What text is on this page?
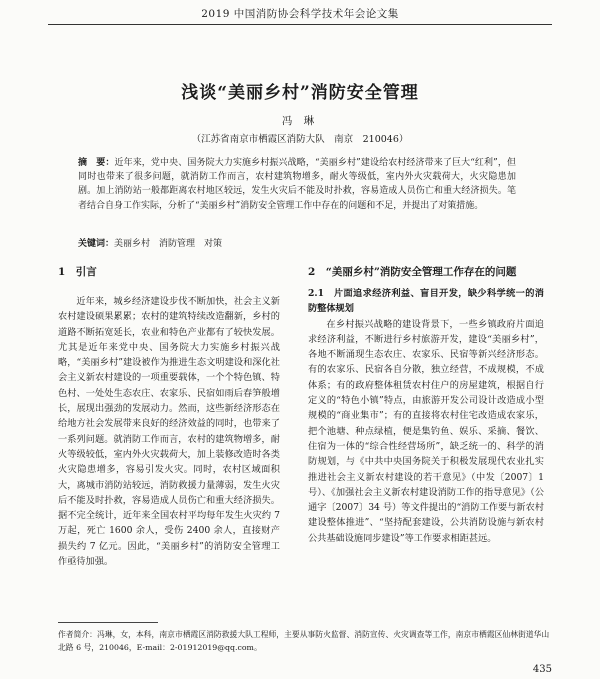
2019 中国消防协会科学技术年会论文集
浅谈“美丽乡村”消防安全管理
冯 琳
（江苏省南京市栖霞区消防大队　南京　210046）
摘　要：近年来，党中央、国务院大力实施乡村振兴战略，“美丽乡村”建设给农村经济带来了巨大“红利”，但同时也带来了很多问题，就消防工作而言，农村建筑物增多，耐火等级低，室内外火灾载荷大，火灾隐患加剧。加上消防站一般都距离农村地区较远，发生火灾后不能及时扑救，容易造成人员伤亡和重大经济损失。笔者结合自身工作实际，分析了“美丽乡村”消防安全管理工作中存在的问题和不足，并提出了对策措施。
关键词：美丽乡村　消防管理　对策

1　引言

近年来，城乡经济建设步伐不断加快，社会主义新农村建设硕果累累；农村的建筑特续改造翻新，乡村的道路不断拓宽延长，农业和特色产业都有了较快发展。尤其是近年来党中央、国务院大力实施乡村振兴战略，“美丽乡村”建设被作为推进生态文明建设和深化社会主义新农村建设的一项重要载体，一个个特色镇、特色村、一处处生态农庄、农家乐、民宿如雨后春笋般增长，展现出强劲的发展动力。然而，这些新经济形态在给地方社会发展带来良好的经济效益的同时，也带来了一系列问题。就消防工作而言，农村的建筑物增多，耐火等级较低，室内外火灾载荷大，加上装修改造时各类火灾隐患增多，容易引发火灾。同时，农村区域面积大，离城市消防站较远，消防救援力量薄弱，发生火灾后不能及时扑救，容易造成人员伤亡和重大经济损失。据不完全统计，近年来全国农村平均每年发生火灾约 7 万起，死亡 1600 余人，受伤 2400 余人，直接财产损失约 7 亿元。因此，“美丽乡村”的消防安全管理工作亟待加强。

2　“美丽乡村”消防安全管理工作存在的问题

2.1　片面追求经济利益、盲目开发，缺少科学统一的消防整体规划

在乡村振兴战略的建设背景下，一些乡镇政府片面追求经济利益，不断进行乡村旅游开发，建设“美丽乡村”，各地不断涌现生态农庄、农家乐、民宿等新兴经济形态。有的农家乐、民宿各自分散，独立经营，不成规模，不成体系；有的政府整体租赁农村住户的房屋建筑，根据自行定义的“特色小镇”特点，由旅游开发公司设计改造成小型规模的“商业集市”；有的直接将农村住宅改造成农家乐，把个池塘、种点绿植，便是集钓鱼、娱乐、采摘、餐饮、住宿为一体的“综合性经营场所”，缺乏统一的、科学的消防规划，与《中共中央国务院关于积极发展现代农业扎实推进社会主义新农村建设的若干意见》（中发〔2007〕1 号）、《加强社会主义新农村建设消防工作的指导意见》（公通字〔2007〕34 号）等文件提出的“消防工作要与新农村建设整体推进”、“坚持配套建设，公共消防设施与新农村公共基础设施同步建设”等工作要求相距甚远。

作者简介：冯琳，女，本科，南京市栖霞区消防救援大队工程师，主要从事防火监督、消防宣传、火灾调查等工作，南京市栖霞区仙林街道华山北路 6 号，210046，E-mail：2-01912019@qq.com。
435
